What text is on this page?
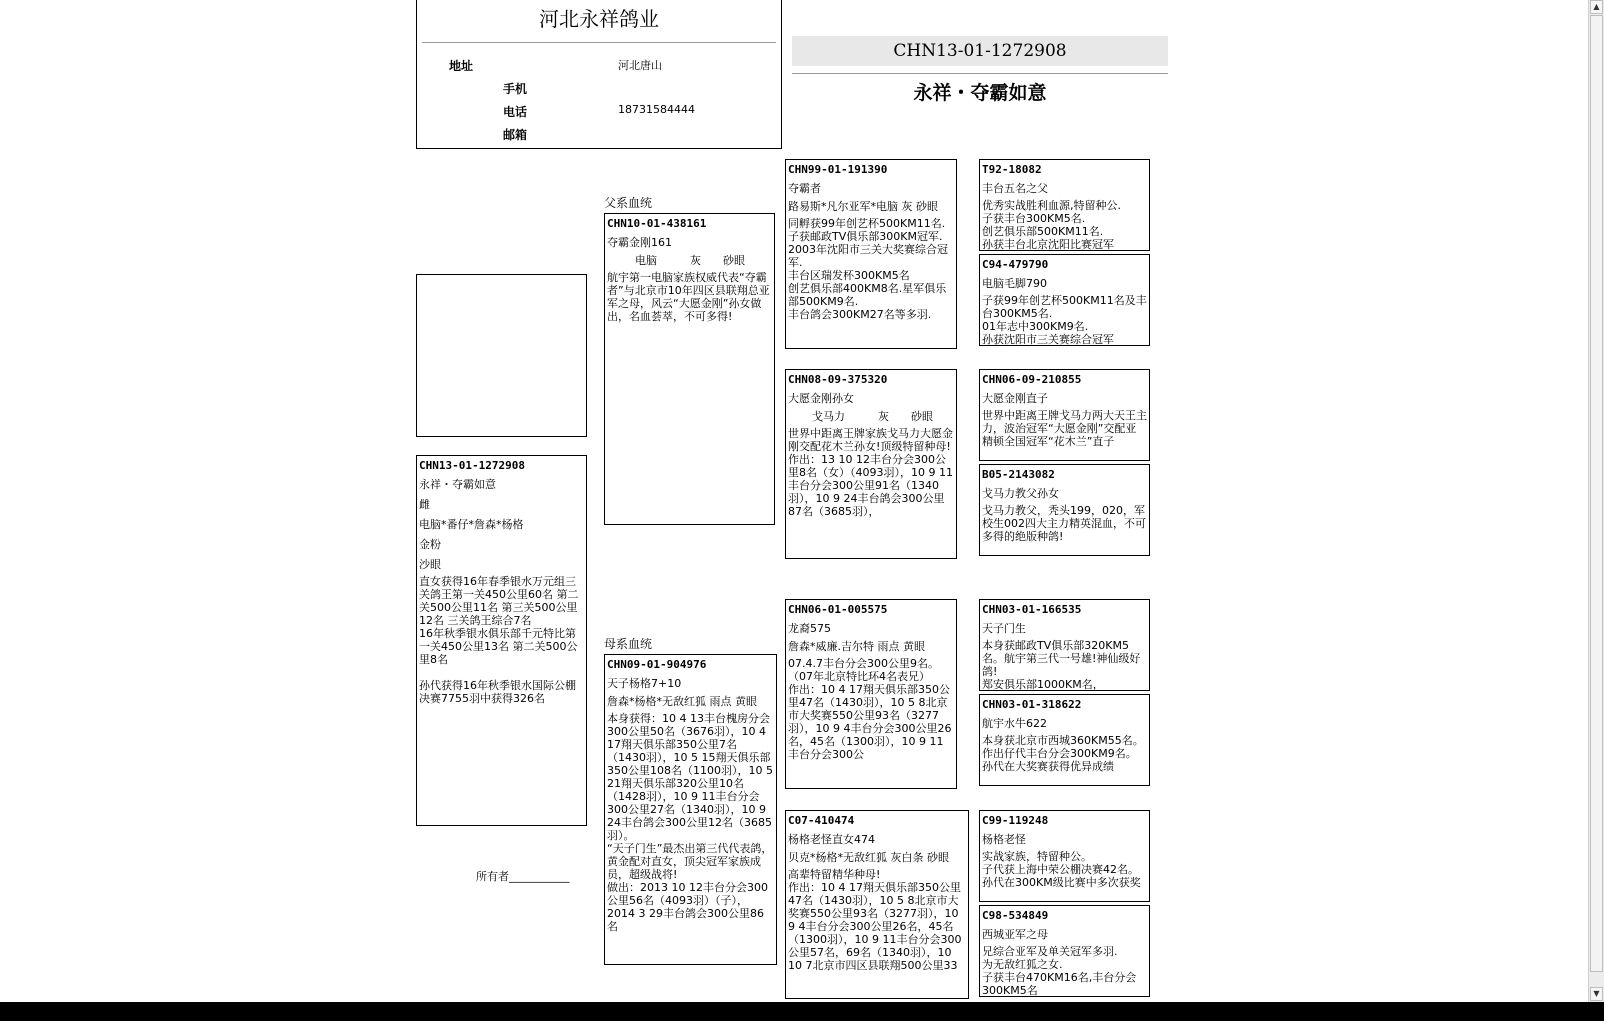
河北永祥鸽业
地址	河北唐山
手机
电话	18731584444
邮箱
CHN13-01-1272908
永祥・夺霸如意
CHN13-01-1272908
永祥・夺霸如意
雌
电脑*番仔*詹森*杨格
金粉
沙眼
直女获得16年春季银水万元组三关鸽王第一关450公里60名 第二关500公里11名 第三关500公里12名 三关鸽王综合7名
16年秋季银水俱乐部千元特比第一关450公里13名 第二关500公里8名

孙代获得16年秋季银水国际公棚决赛7755羽中获得326名
所有者___________
父系血统
母系血统
CHN10-01-438161
夺霸金刚161
电脑　　　灰　　砂眼
航宇第一电脑家族权威代表“夺霸者”与北京市10年四区县联翔总亚军之母，风云“大愿金刚”孙女做出，名血荟萃，不可多得!
CHN09-01-904976
天子杨格7+10
詹森*杨格*无敌红狐 雨点 黄眼
本身获得：10 4 13丰台槐房分会300公里50名（3676羽），10 4 17翔天俱乐部350公里7名（1430羽），10 5 15翔天俱乐部350公里108名（1100羽），10 5 21翔天俱乐部320公里10名（1428羽），10 9 11丰台分会300公里27名（1340羽），10 9 24丰台鸽会300公里12名（3685羽）。
“天子门生”最杰出第三代代表鸽，黄金配对直女，顶尖冠军家族成员，超级战将!
做出：2013 10 12丰台分会300公里56名（4093羽）（子），2014 3 29丰台鸽会300公里86名
CHN99-01-191390
夺霸者
路易斯*凡尔亚军*电脑 灰 砂眼
同孵获99年创艺杯500KM11名.
子获邮政TV俱乐部300KM冠军.
2003年沈阳市三关大奖赛综合冠军.
丰台区瑞发杯300KM5名
创艺俱乐部400KM8名.星军俱乐部500KM9名.
丰台鸽会300KM27名等多羽.
CHN08-09-375320
大愿金刚孙女
戈马力　　　灰　　砂眼
世界中距离王牌家族戈马力大愿金刚交配花木兰孙女!顶级特留种母!
作出：13 10 12丰台分会300公里8名（女）（4093羽），10 9 11丰台分会300公里91名（1340羽），10 9 24丰台鸽会300公里87名（3685羽），
CHN06-01-005575
龙裔575
詹森*威廉.吉尔特 雨点 黄眼
07.4.7丰台分会300公里9名。（07年北京特比环4名表兄）
作出：10 4 17翔天俱乐部350公里47名（1430羽），10 5 8北京市大奖赛550公里93名（3277羽），10 9 4丰台分会300公里26名，45名（1300羽），10 9 11丰台分会300公
C07-410474
杨格老怪直女474
贝克*杨格*无敌红狐 灰白条 砂眼
高辈特留精华种母!
作出：10 4 17翔天俱乐部350公里47名（1430羽），10 5 8北京市大奖赛550公里93名（3277羽），10 9 4丰台分会300公里26名，45名（1300羽），10 9 11丰台分会300公里57名，69名（1340羽），10 10 7北京市四区县联翔500公里33
T92-18082
丰台五名之父
优秀实战胜利血源,特留种公.
子获丰台300KM5名.
创艺俱乐部500KM11名.
孙获丰台北京沈阳比赛冠军
C94-479790
电脑毛脚790
子获99年创艺杯500KM11名及丰台300KM5名.
01年志中300KM9名.
孙获沈阳市三关赛综合冠军
CHN06-09-210855
大愿金刚直子
世界中距离王牌戈马力两大天王主力，波治冠军“大愿金刚”交配亚精顿全国冠军“花木兰”直子
B05-2143082
戈马力教父孙女
戈马力教父，秃头199，020，军校生002四大主力精英混血，不可多得的绝版种鸽!
CHN03-01-166535
天子门生
本身获邮政TV俱乐部320KM5名。航宇第三代一号雄!神仙级好鸽!
郑安俱乐部1000KM名，
CHN03-01-318622
航宇水牛622
本身获北京市西城360KM55名。
作出仔代丰台分会300KM9名。
孙代在大奖赛获得优异成绩
C99-119248
杨格老怪
实战家族，特留种公。
子代获上海中荣公棚决赛42名。
孙代在300KM级比赛中多次获奖
C98-534849
西城亚军之母
兄综合亚军及单关冠军多羽.
为无敌红狐之女.
子获丰台470KM16名,丰台分会300KM5名
▲
▼
